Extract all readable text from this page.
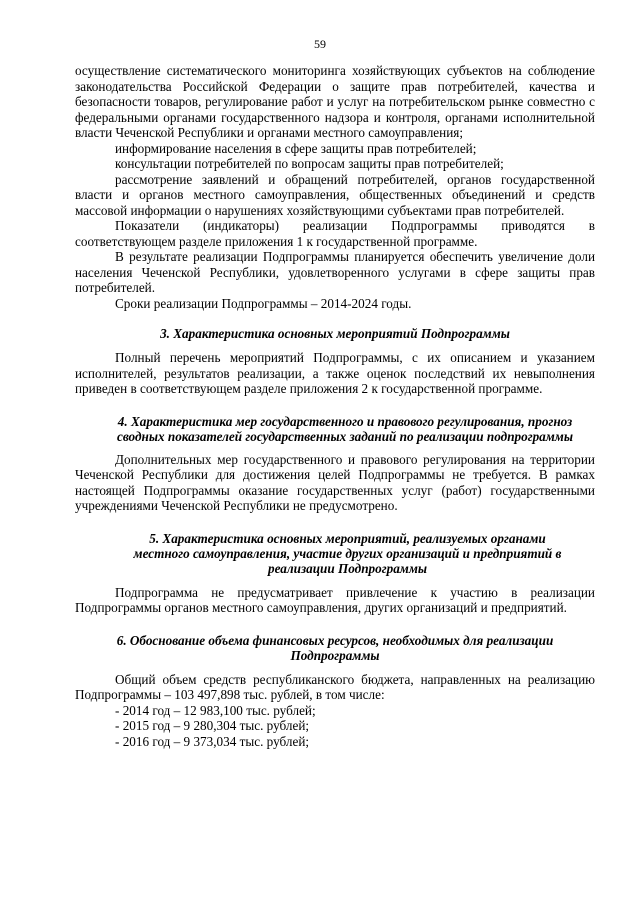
59

осуществление систематического мониторинга хозяйствующих субъектов на соблюдение законодательства Российской Федерации о защите прав потребителей, качества и безопасности товаров, регулирование работ и услуг на потребительском рынке совместно с федеральными органами государственного надзора и контроля, органами исполнительной власти Чеченской Республики и органами местного самоуправления;

информирование населения в сфере защиты прав потребителей;

консультации потребителей по вопросам защиты прав потребителей;

рассмотрение заявлений и обращений потребителей, органов государственной власти и органов местного самоуправления, общественных объединений и средств массовой информации о нарушениях хозяйствующими субъектами прав потребителей.

Показатели (индикаторы) реализации Подпрограммы приводятся в соответствующем разделе приложения 1 к государственной программе.

В результате реализации Подпрограммы планируется обеспечить увеличение доли населения Чеченской Республики, удовлетворенного услугами в сфере защиты прав потребителей.

Сроки реализации Подпрограммы – 2014-2024 годы.

3. Характеристика основных мероприятий Подпрограммы

Полный перечень мероприятий Подпрограммы, с их описанием и указанием исполнителей, результатов реализации, а также оценок последствий их невыполнения приведен в соответствующем разделе приложения 2 к государственной программе.

4. Характеристика мер государственного и правового регулирования, прогноз сводных показателей государственных заданий по реализации подпрограммы

Дополнительных мер государственного и правового регулирования на территории Чеченской Республики для достижения целей Подпрограммы не требуется. В рамках настоящей Подпрограммы оказание государственных услуг (работ) государственными учреждениями Чеченской Республики не предусмотрено.

5. Характеристика основных мероприятий, реализуемых органами местного самоуправления, участие других организаций и предприятий в реализации Подпрограммы

Подпрограмма не предусматривает привлечение к участию в реализации Подпрограммы органов местного самоуправления, других организаций и предприятий.

6. Обоснование объема финансовых ресурсов, необходимых для реализации Подпрограммы

Общий объем средств республиканского бюджета, направленных на реализацию Подпрограммы – 103 497,898 тыс. рублей, в том числе:

- 2014 год – 12 983,100 тыс. рублей;
- 2015 год – 9 280,304 тыс. рублей;
- 2016 год – 9 373,034 тыс. рублей;
